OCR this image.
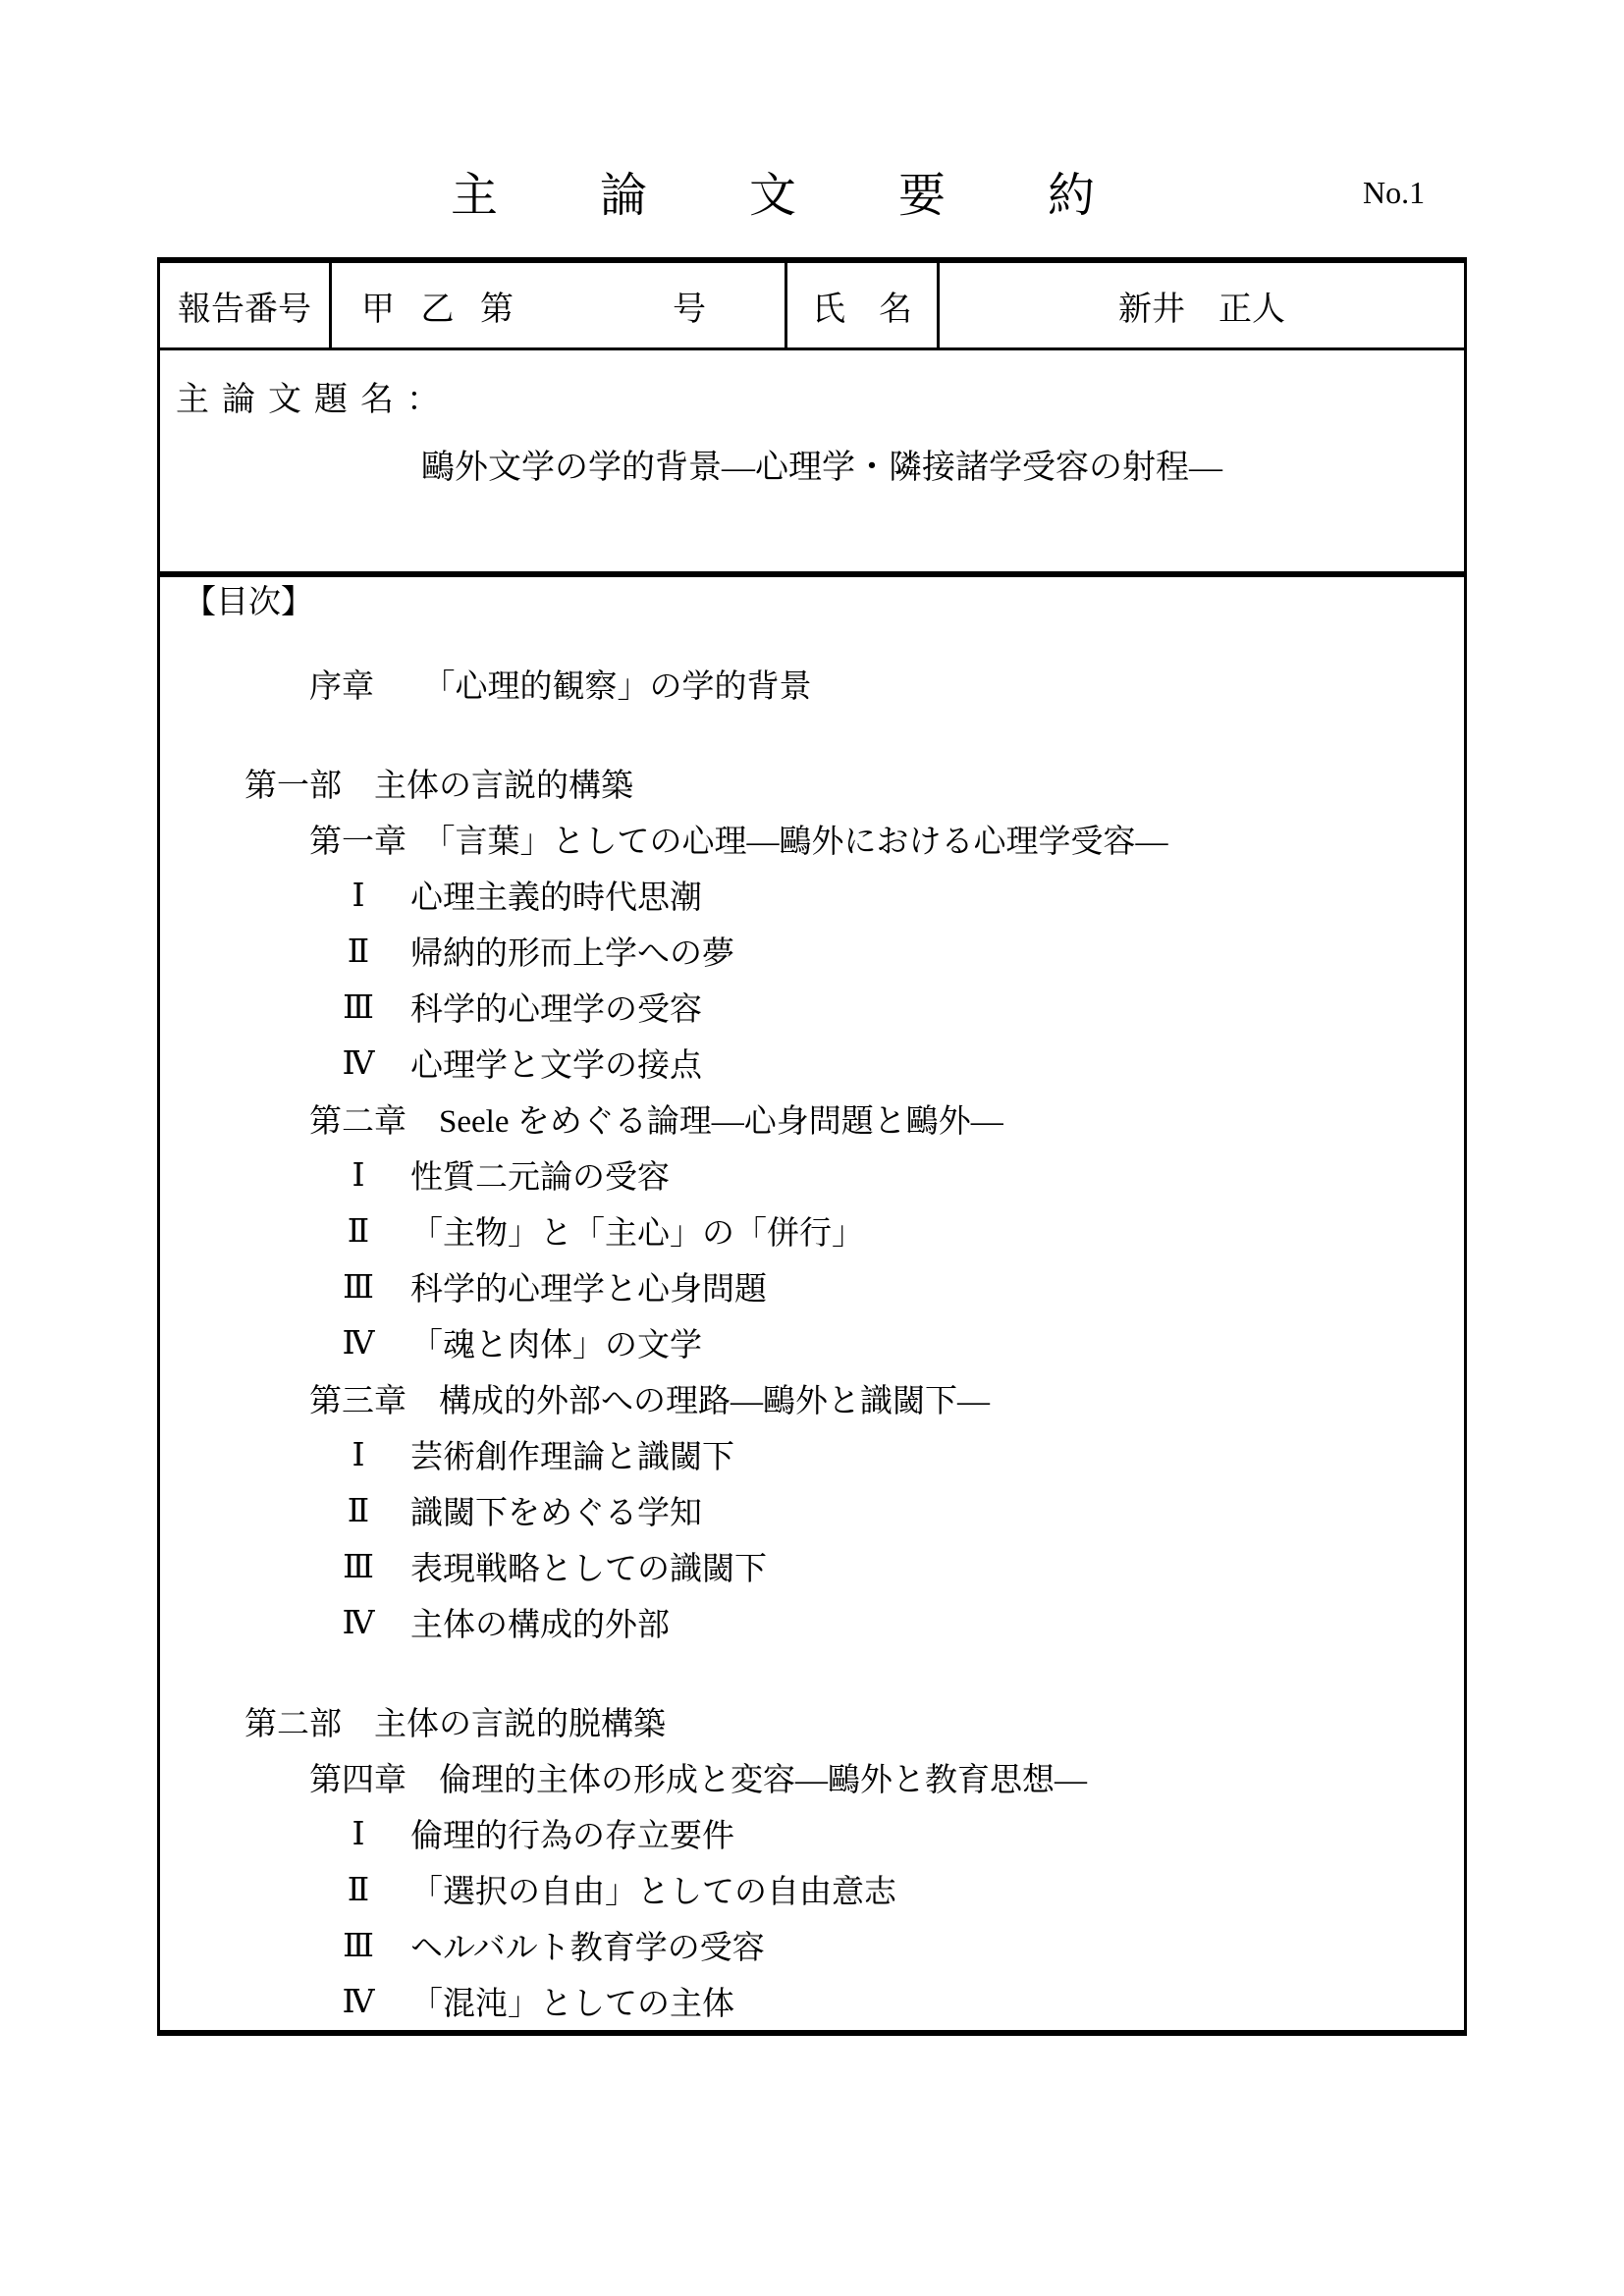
主論文要約	No.1
報告番号 甲 乙 第	号	氏　名	新井　正人
主論文題名：
鷗外文学の学的背景―心理学・隣接諸学受容の射程―
【目次】
序章　　「心理的観察」の学的背景
第一部　主体の言説的構築
第一章　「言葉」としての心理―鷗外における心理学受容―
Ⅰ	心理主義的時代思潮
Ⅱ	帰納的形而上学への夢
Ⅲ 科学的心理学の受容
Ⅳ 心理学と文学の接点
第二章　Seele をめぐる論理―心身問題と鷗外―
Ⅰ	性質二元論の受容
Ⅱ	「主物」と「主心」の「併行」
Ⅲ 科学的心理学と心身問題
Ⅳ 「魂と肉体」の文学
第三章　構成的外部への理路―鷗外と識閾下―
Ⅰ	芸術創作理論と識閾下
Ⅱ	識閾下をめぐる学知
Ⅲ 表現戦略としての識閾下
Ⅳ 主体の構成的外部
第二部　主体の言説的脱構築
第四章　倫理的主体の形成と変容―鷗外と教育思想―
Ⅰ	倫理的行為の存立要件
Ⅱ	「選択の自由」としての自由意志
Ⅲ ヘルバルト教育学の受容
Ⅳ 「混沌」としての主体
